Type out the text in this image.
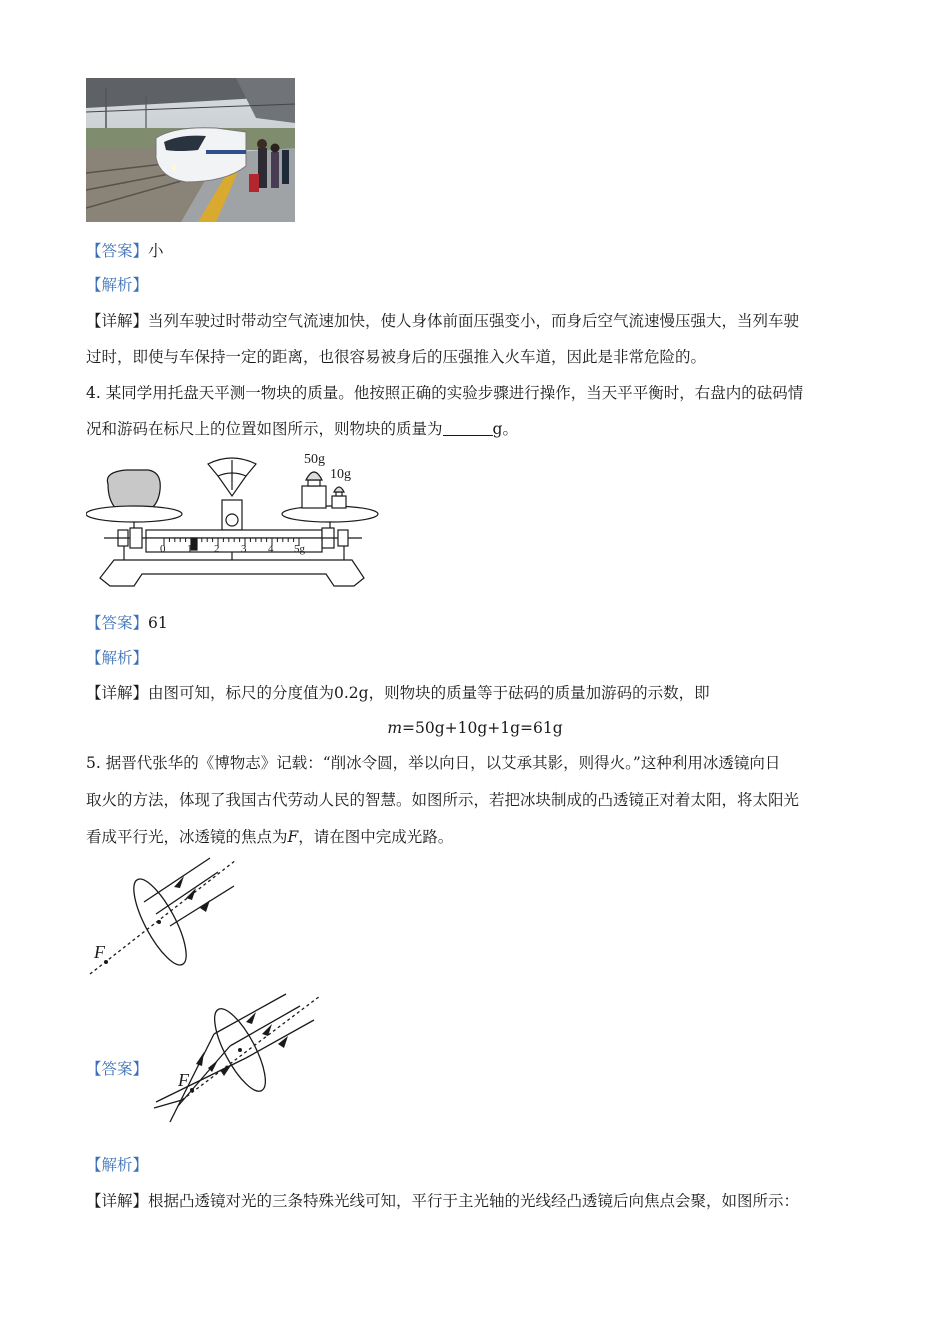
【答案】小
【解析】
【详解】当列车驶过时带动空气流速加快，使人身体前面压强变小，而身后空气流速慢压强大，当列车驶
过时，即使与车保持一定的距离，也很容易被身后的压强推入火车道，因此是非常危险的。
4. 某同学用托盘天平测一物块的质量。他按照正确的实验步骤进行操作，当天平平衡时，右盘内的砝码情
况和游码在标尺上的位置如图所示，则物块的质量为	g。
50g
10g
0 1 2 3 4 5g
【答案】61
【解析】
【详解】由图可知，标尺的分度值为0.2g，则物块的质量等于砝码的质量加游码的示数，即
m=50g+10g+1g=61g
5. 据晋代张华的《博物志》记载：“削冰令圆，举以向日，以艾承其影，则得火。”这种利用冰透镜向日
取火的方法，体现了我国古代劳动人民的智慧。如图所示，若把冰块制成的凸透镜正对着太阳，将太阳光
看成平行光，冰透镜的焦点为F，请在图中完成光路。
F
【答案】
F
【解析】
【详解】根据凸透镜对光的三条特殊光线可知，平行于主光轴的光线经凸透镜后向焦点会聚，如图所示：
